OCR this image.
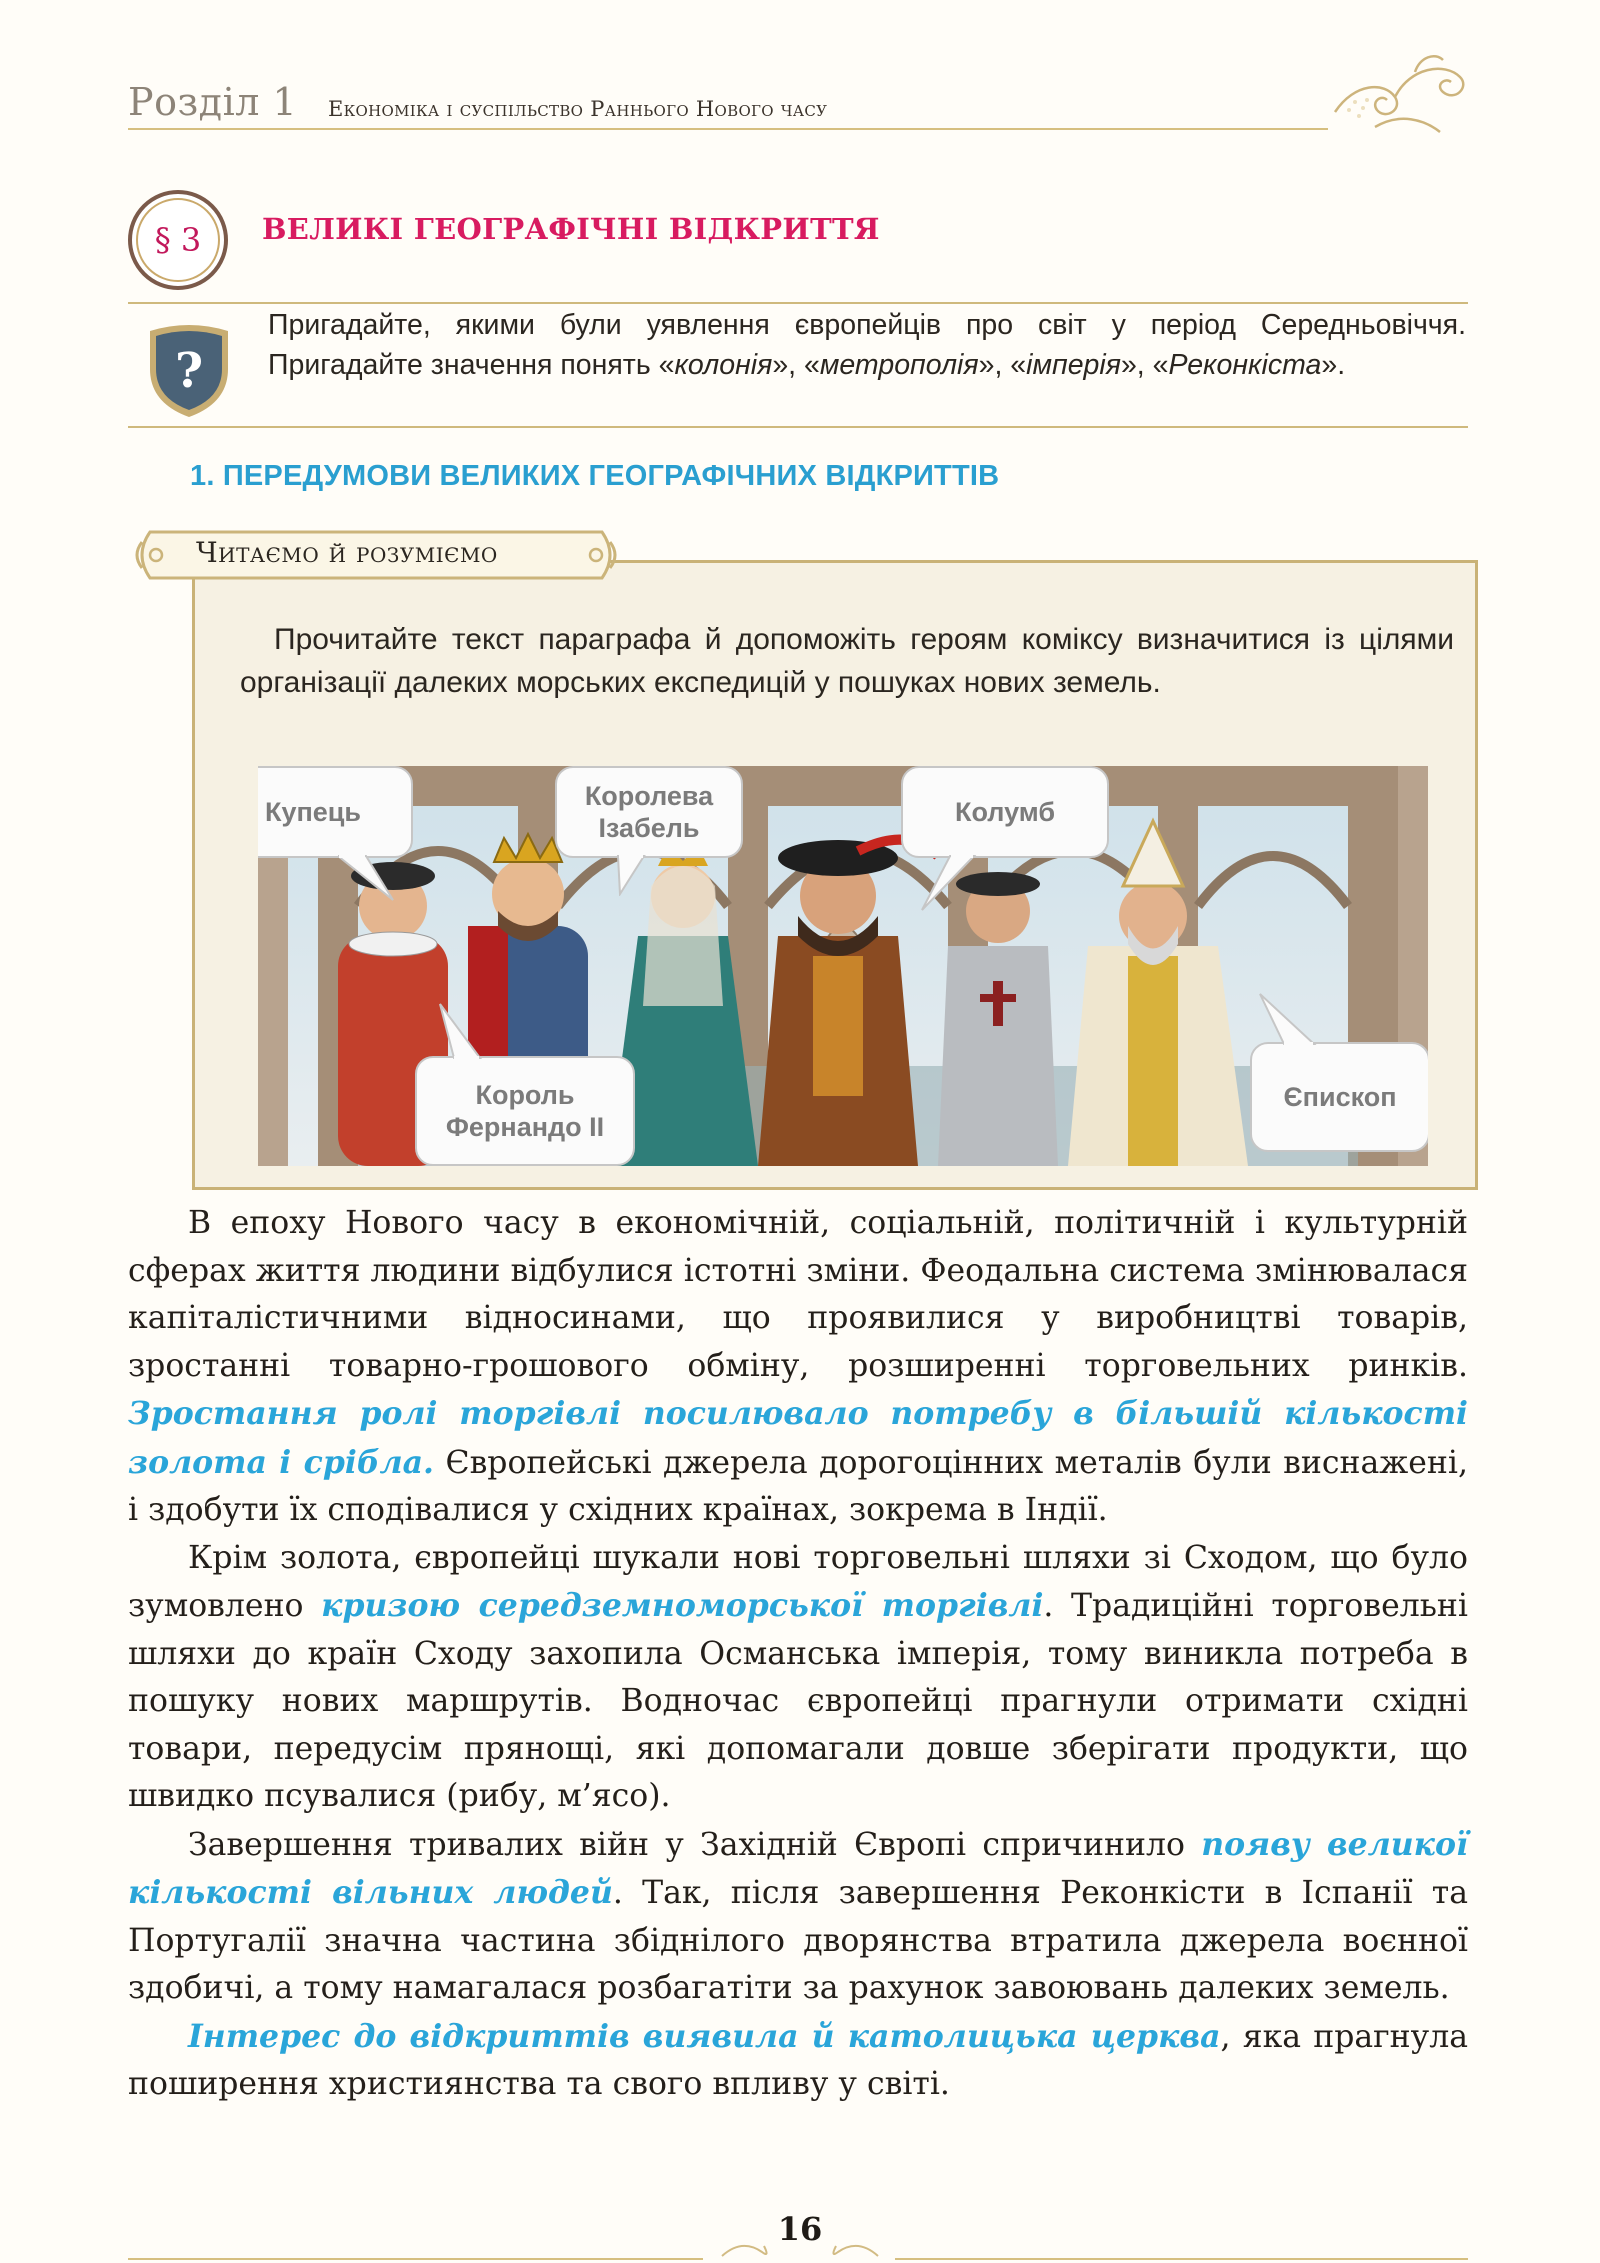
Розділ 1 Економіка і суспільство Раннього Нового часу
§ 3	ВЕЛИКІ ГЕОГРАФІЧНІ ВІДКРИТТЯ
?
Пригадайте, якими були уявлення європейців про світ у період Середньовіччя. Пригадайте значення понять «колонія», «метрополія», «імперія», «Реконкіста».
1. ПЕРЕДУМОВИ ВЕЛИКИХ ГЕОГРАФІЧНИХ ВІДКРИТТІВ
Читаємо й розуміємо
Прочитайте текст параграфа й допоможіть героям коміксу визначитися із цілями організації далеких морських експедицій у пошуках нових земель.
Купець
Королева
Ізабель
Колумб
Король
Фернандо II
Єпископ

В епоху Нового часу в економічній, соціальній, політичній і культурній сферах життя людини відбулися істотні зміни. Феодальна система змінювалася капіталістичними відносинами, що проявилися у виробництві товарів, зростанні товарно-грошового обміну, розширенні торговельних ринків. Зростання ролі торгівлі посилювало потребу в більшій кількості золота і срібла. Європейські джерела дорогоцінних металів були виснажені, і здобути їх сподівалися у східних країнах, зокрема в Індії.

Крім золота, європейці шукали нові торговельні шляхи зі Сходом, що було зумовлено кризою середземноморської торгівлі. Традиційні торговельні шляхи до країн Сходу захопила Османська імперія, тому виникла потреба в пошуку нових маршрутів. Водночас європейці прагнули отримати східні товари, передусім прянощі, які допомагали довше зберігати продукти, що швидко псувалися (рибу, м’ясо).

Завершення тривалих війн у Західній Європі спричинило появу великої кількості вільних людей. Так, після завершення Реконкісти в Іспанії та Португалії значна частина збіднілого дворянства втратила джерела воєнної здобичі, а тому намагалася розбагатіти за рахунок завоювань далеких земель.

Інтерес до відкриттів виявила й католицька церква, яка прагнула поширення християнства та свого впливу у світі.

16
